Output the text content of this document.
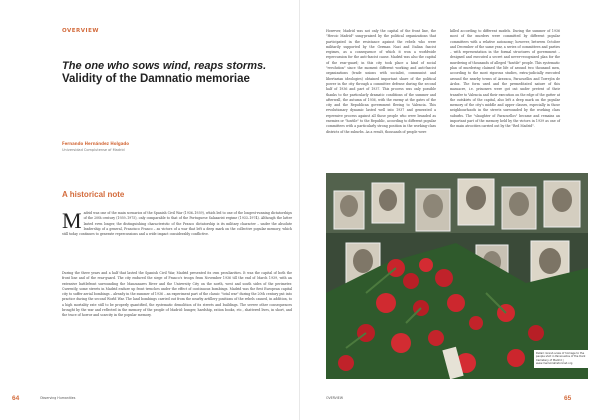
OVERVIEW
The one who sows wind, reaps storms.
Validity of the Damnatio memoriae
Fernando Hernández Holgado
Universidad Complutense of Madrid
A historical note
M adrid was one of the main scenarios of the Spanish Civil War (1936–1939), which led to one of the longest-running dictatorships of the 20th century (1939–1975), only comparable to that of the Portuguese Salazarist regime (1933–1974). Although the latter lasted even longer, the distinguishing characteristic of the Franco dictatorship is its military character – under the absolute leadership of a general, Francisco Franco – as victors of a war that left a deep mark on the collective popular memory, which still today continues to generate repercussions and a wide impact considerably conflictive.
During the three years and a half that lasted the Spanish Civil War, Madrid presented its own peculiarities. It was the capital of both the front line and of the rear-guard. The city endured the siege of Franco's troops from November 1936 till the end of March 1939, with an extensive battlefront surrounding the Manzanares River and the University City on the north, west and south sides of the perimeter. Currently, some streets in Madrid endure up front trenches under the effect of continuous bombings. Madrid was the first European capital city to suffer aerial bombings – already in the summer of 1936 – an experiment part of the classic "total war" during the 20th century put into practice during the second World War. The land bombings carried out from the nearby artillery positions of the rebels caused, in addition, to a high mortality rate still to be properly quantified, the systematic demolition of its streets and buildings. The severe other consequences brought by the war and reflected in the memory of the people of Madrid: hunger, hardship, ration books, etc., shattered lives, in short, and the trace of horror and scarcity in the popular memory.
64	Observing Humanities
However, Madrid was not only the capital of the front line, the "Heroic Madrid" sung-praised by the political organizations that participated in the resistance against the rebels who were militarily supported by the German Nazi and Italian fascist regimes, as a consequence of which it won a worldwide repercussion for the anti-fascist cause. Madrid was also the capital of the rear-guard; in this city took place a kind of social "revolution" since the moment different working and anti-fascist organizations (trade unions with socialist, communist and libertarian ideologies) obtained important share of the political power in the city through a committee defense during the second half of 1936 and part of 1937. This process was only possible thanks to the particularly dramatic conditions of the summer and afterwall, the autumn of 1936, with the enemy at the gates of the city and the Republican government fleeing to Valencia. This revolutionary dynamic lasted well into 1937 and generated a repressive process against all those people who were branded as enemies or "hostile" to the Republic, according to different popular committees with a particularly strong position in the working-class districts of the suburbs. As a result, thousands of people were
killed according to different models. During the summer of 1936 most of the murders were committed by different popular committees with a relative autonomy; however, between October and December of the same year, a series of committees and parties – with representation in the formal structures of government – designed and executed a secret and never-recognized plan for the murdering of thousands of alleged "hostile" people. This systematic plan of murdering claimed the life of around two thousand men, according to the most rigorous studies, extra-judicially executed around the nearby towns of Aravaca, Paracuellos and Torrejón de Ardoz. The form used and the premeditated nature of this massacre, i.e. prisoners were got out under pretext of their transfer to Valencia and their execution on the edge of the gutter at the outskirts of the capital, also left a deep mark on the popular memory of the city's middle and upper classes, especially in those neighbourhoods in the streets surrounded by the working class suburbs. The "slaughter of Paracuellos" became and remains an important part of the memory held by the victors in 1939 as one of the main atrocities carried out by the "Red Madrid".
Detail: Grand-scale of homage to the people shot in Paracuellos of the Dark Cemetery of Madrid | www.memoriahistoricad.org
OVERVIEW	65
